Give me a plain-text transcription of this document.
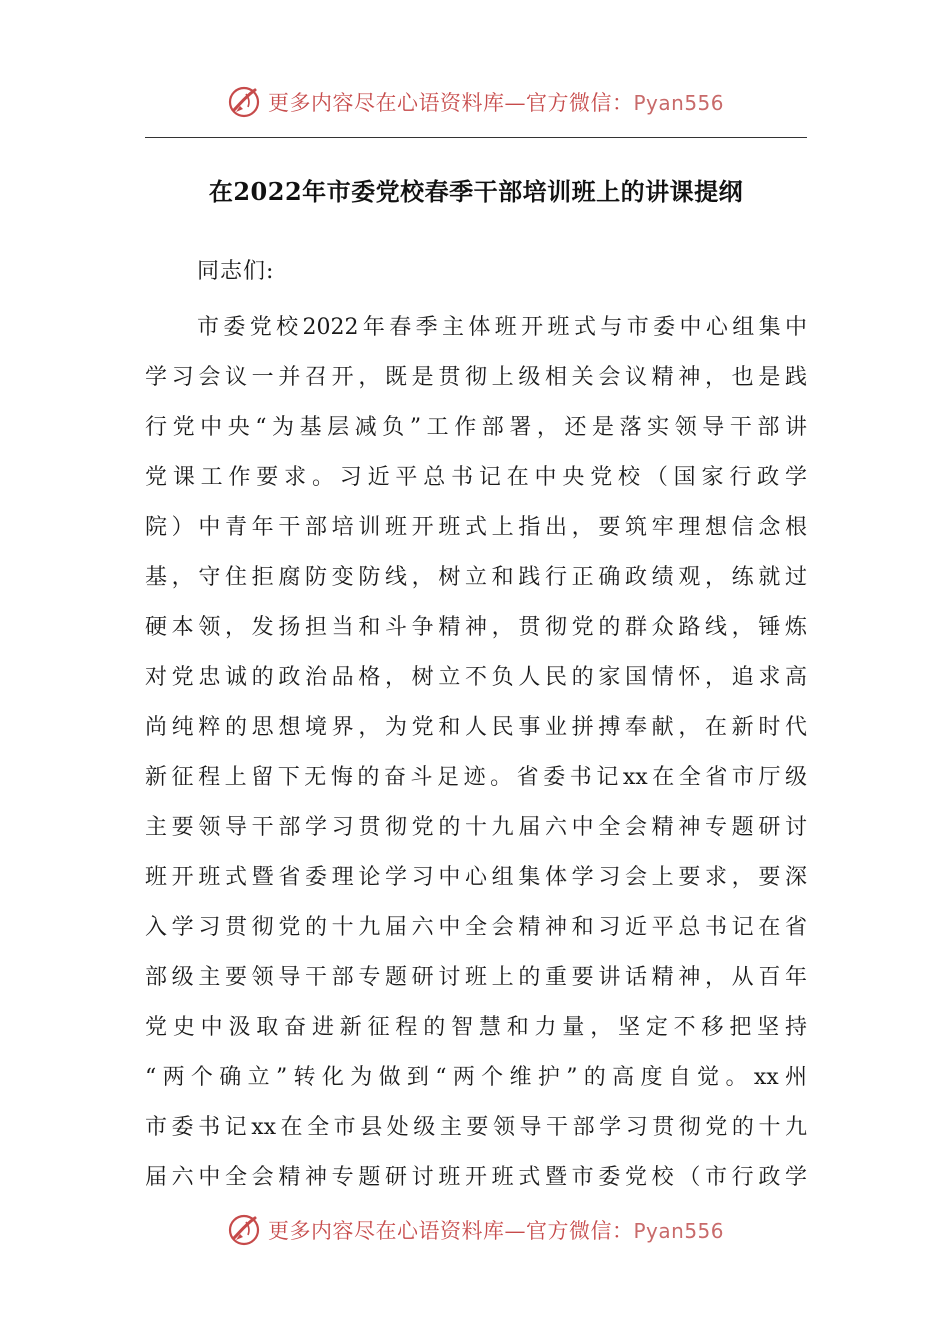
更多内容尽在心语资料库—官方微信：Pyan556
在2022年市委党校春季干部培训班上的讲课提纲
同志们:
市委党校2022年春季主体班开班式与市委中心组集中
学习会议一并召开，既是贯彻上级相关会议精神，也是践
行党中央“为基层减负”工作部署，还是落实领导干部讲
党课工作要求。习近平总书记在中央党校（国家行政学
院）中青年干部培训班开班式上指出，要筑牢理想信念根
基，守住拒腐防变防线，树立和践行正确政绩观，练就过
硬本领，发扬担当和斗争精神，贯彻党的群众路线，锤炼
对党忠诚的政治品格，树立不负人民的家国情怀，追求高
尚纯粹的思想境界，为党和人民事业拼搏奉献，在新时代
新征程上留下无悔的奋斗足迹。省委书记xx在全省市厅级
主要领导干部学习贯彻党的十九届六中全会精神专题研讨
班开班式暨省委理论学习中心组集体学习会上要求，要深
入学习贯彻党的十九届六中全会精神和习近平总书记在省
部级主要领导干部专题研讨班上的重要讲话精神，从百年
党史中汲取奋进新征程的智慧和力量，坚定不移把坚持
“两个确立”转化为做到“两个维护”的高度自觉。xx州
市委书记xx在全市县处级主要领导干部学习贯彻党的十九
届六中全会精神专题研讨班开班式暨市委党校（市行政学
更多内容尽在心语资料库—官方微信：Pyan556
